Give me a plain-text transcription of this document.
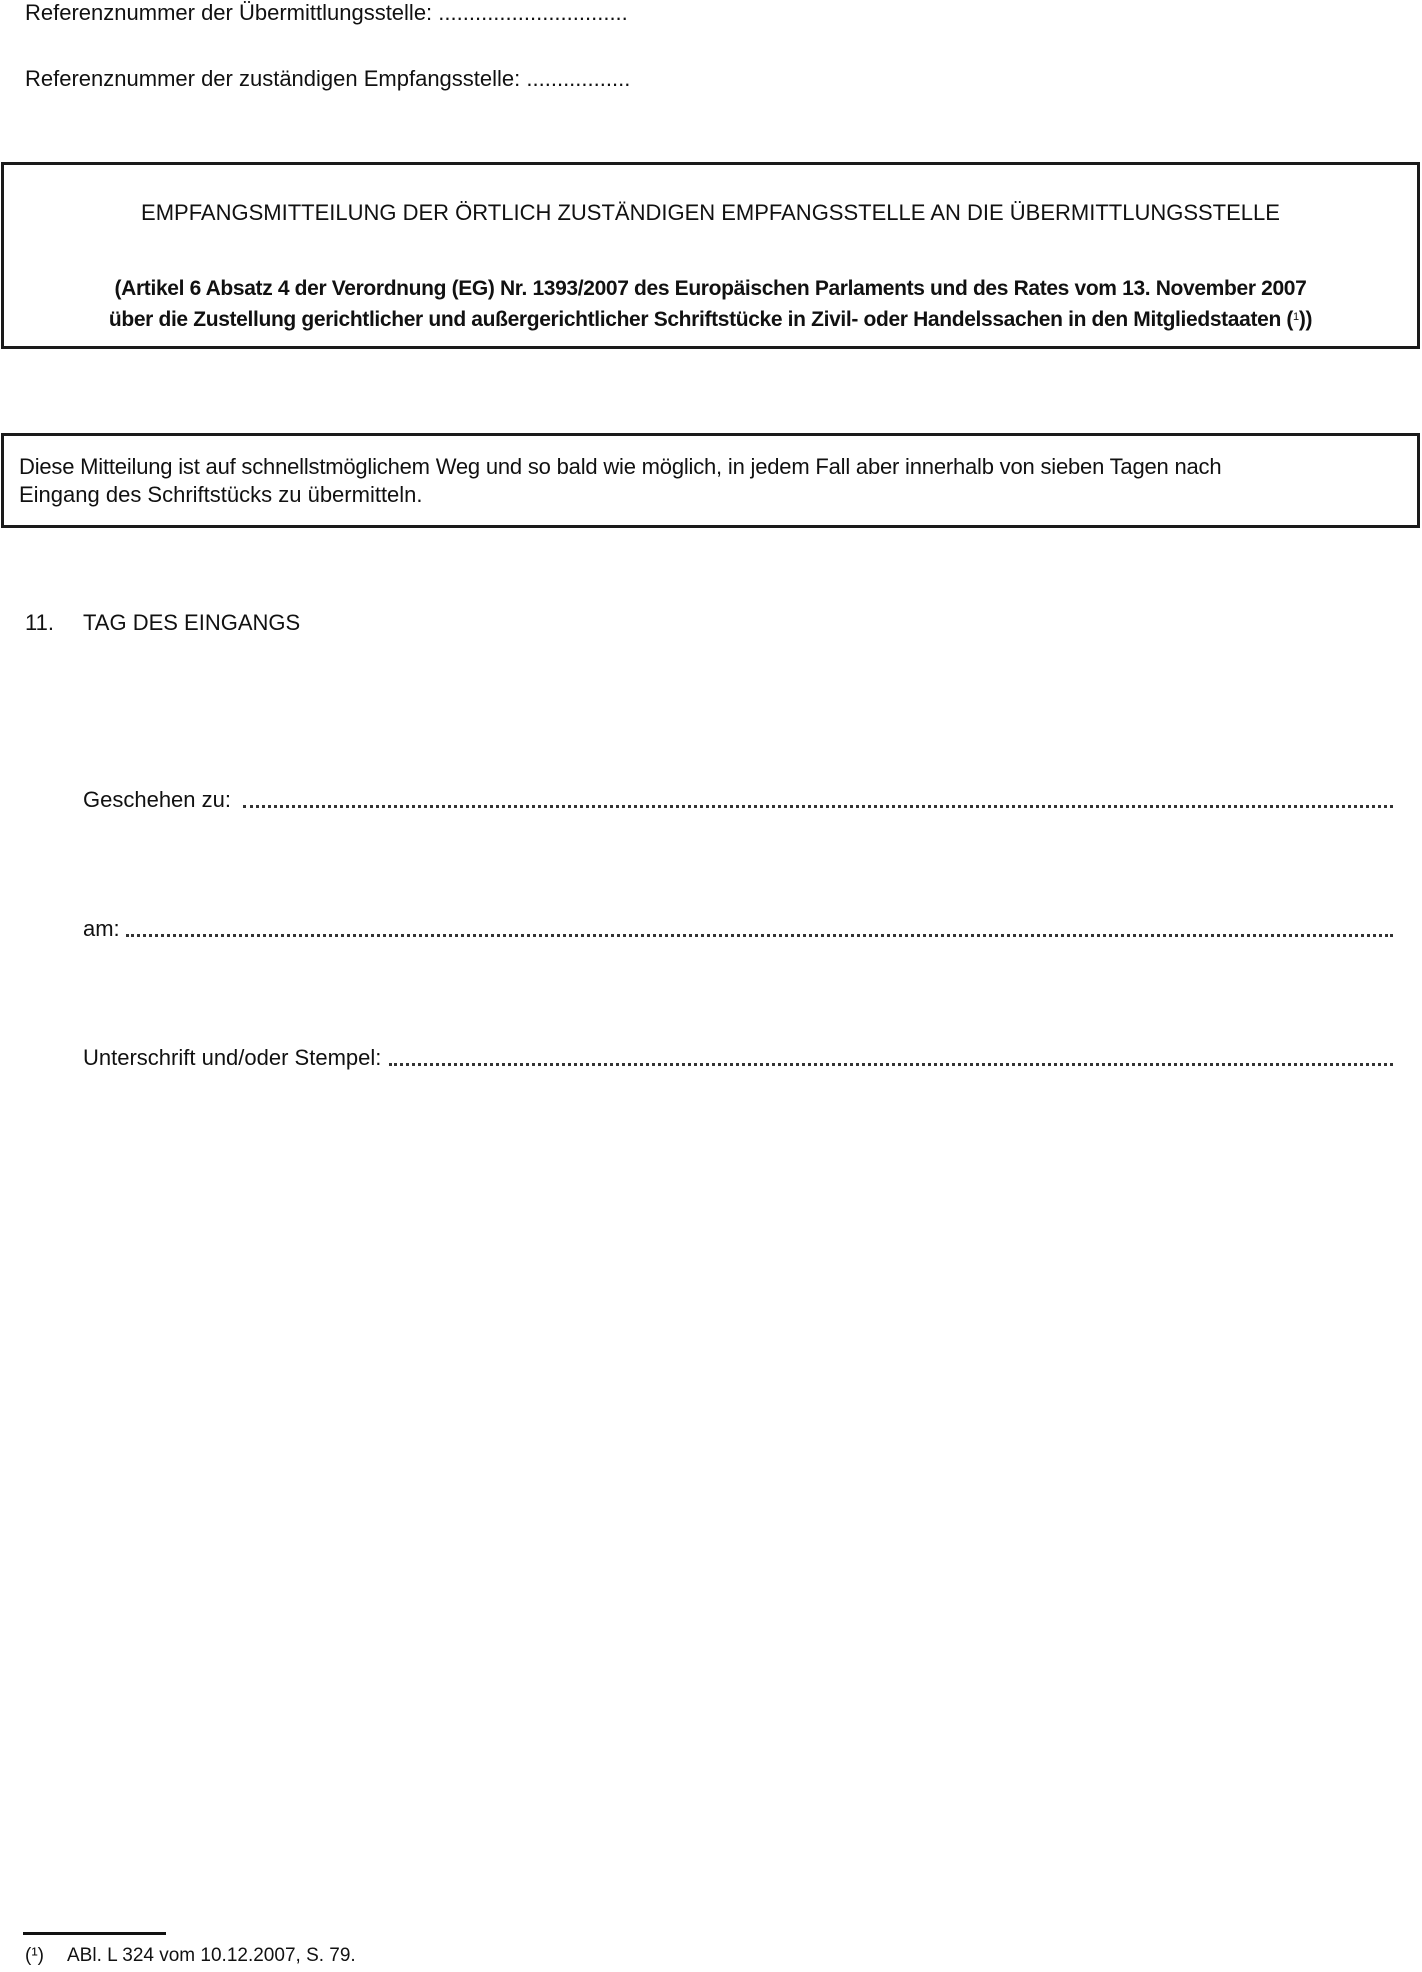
Referenznummer der Übermittlungsstelle: ...............................
Referenznummer der zuständigen Empfangsstelle: .................
EMPFANGSMITTEILUNG DER ÖRTLICH ZUSTÄNDIGEN EMPFANGSSTELLE AN DIE ÜBERMITTLUNGSSTELLE
(Artikel 6 Absatz 4 der Verordnung (EG) Nr. 1393/2007 des Europäischen Parlaments und des Rates vom 13. November 2007
über die Zustellung gerichtlicher und außergerichtlicher Schriftstücke in Zivil- oder Handelssachen in den Mitgliedstaaten ($^1$))
Diese Mitteilung ist auf schnellstmöglichem Weg und so bald wie möglich, in jedem Fall aber innerhalb von sieben Tagen nach
Eingang des Schriftstücks zu übermitteln.
11. TAG DES EINGANGS
Geschehen zu:
am:
Unterschrift und/oder Stempel:
(¹) ABl. L 324 vom 10.12.2007, S. 79.
